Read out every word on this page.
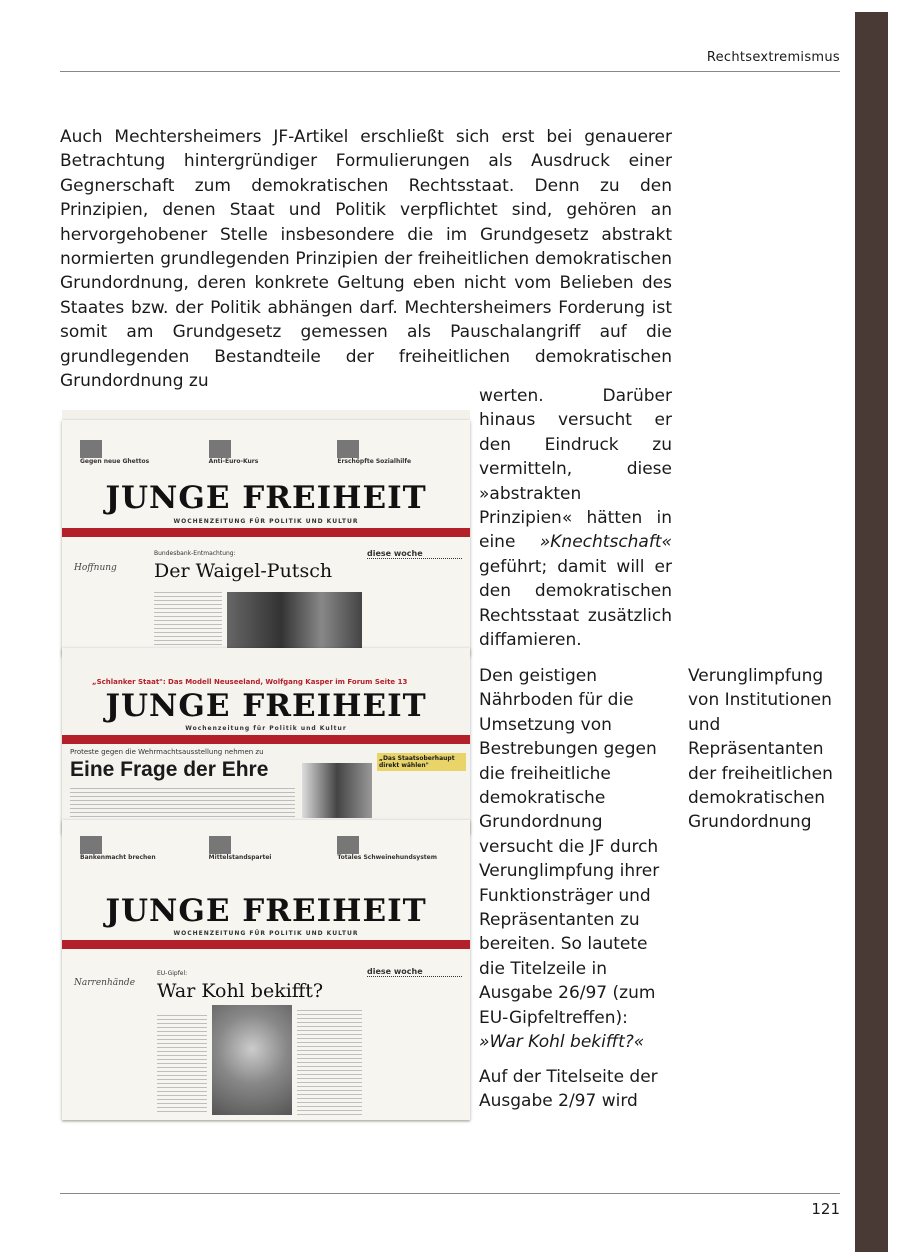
Rechtsextremismus

Auch Mechtersheimers JF-Artikel erschließt sich erst bei genauerer Betrachtung hintergründiger Formulierungen als Ausdruck einer Gegnerschaft zum demokratischen Rechtsstaat. Denn zu den Prinzipien, denen Staat und Politik verpflichtet sind, gehören an hervorgehobener Stelle insbesondere die im Grundgesetz abstrakt normierten grundlegenden Prinzipien der freiheitlichen demokratischen Grundordnung, deren konkrete Geltung eben nicht vom Belieben des Staates bzw. der Politik abhängen darf. Mechtersheimers Forderung ist somit am Grundgesetz gemessen als Pauschalangriff auf die grundlegenden Bestandteile der freiheitlichen demokratischen Grundordnung zu

Gegen neue Ghettos	Anti-Euro-Kurs	Erschöpfte Sozialhilfe
JUNGE FREIHEIT
WOCHENZEITUNG FÜR POLITIK UND KULTUR
Hoffnung
Bundesbank-Entmachtung:
Der Waigel-Putsch
diese woche
„Schlanker Staat": Das Modell Neuseeland, Wolfgang Kasper im Forum Seite 13
JUNGE FREIHEIT
Wochenzeitung für Politik und Kultur
Proteste gegen die Wehrmachtsausstellung nehmen zu
Eine Frage der Ehre	„Das Staatsoberhaupt direkt wählen"
Bankenmacht brechen	Mittelstandspartei	Totales Schweinehundsystem
JUNGE FREIHEIT
WOCHENZEITUNG FÜR POLITIK UND KULTUR
Narrenhände
EU-Gipfel:
War Kohl bekifft?
diese woche

werten. Darüber hinaus versucht er den Eindruck zu vermitteln, diese »abstrakten Prinzipien« hätten in eine »Knechtschaft« geführt; damit will er den demokratischen Rechtsstaat zusätzlich diffamieren.

Den geistigen Nährboden für die Umsetzung von Bestrebungen gegen die freiheitliche demokratische Grundordnung versucht die JF durch Verunglimpfung ihrer Funktionsträger und Repräsentanten zu bereiten. So lautete die Titelzeile in Ausgabe 26/97 (zum EU-Gipfeltreffen): »War Kohl bekifft?«

Auf der Titelseite der Ausgabe 2/97 wird

Verunglimpfung von Institutionen und Repräsentanten der freiheitlichen demokratischen Grundordnung

121
